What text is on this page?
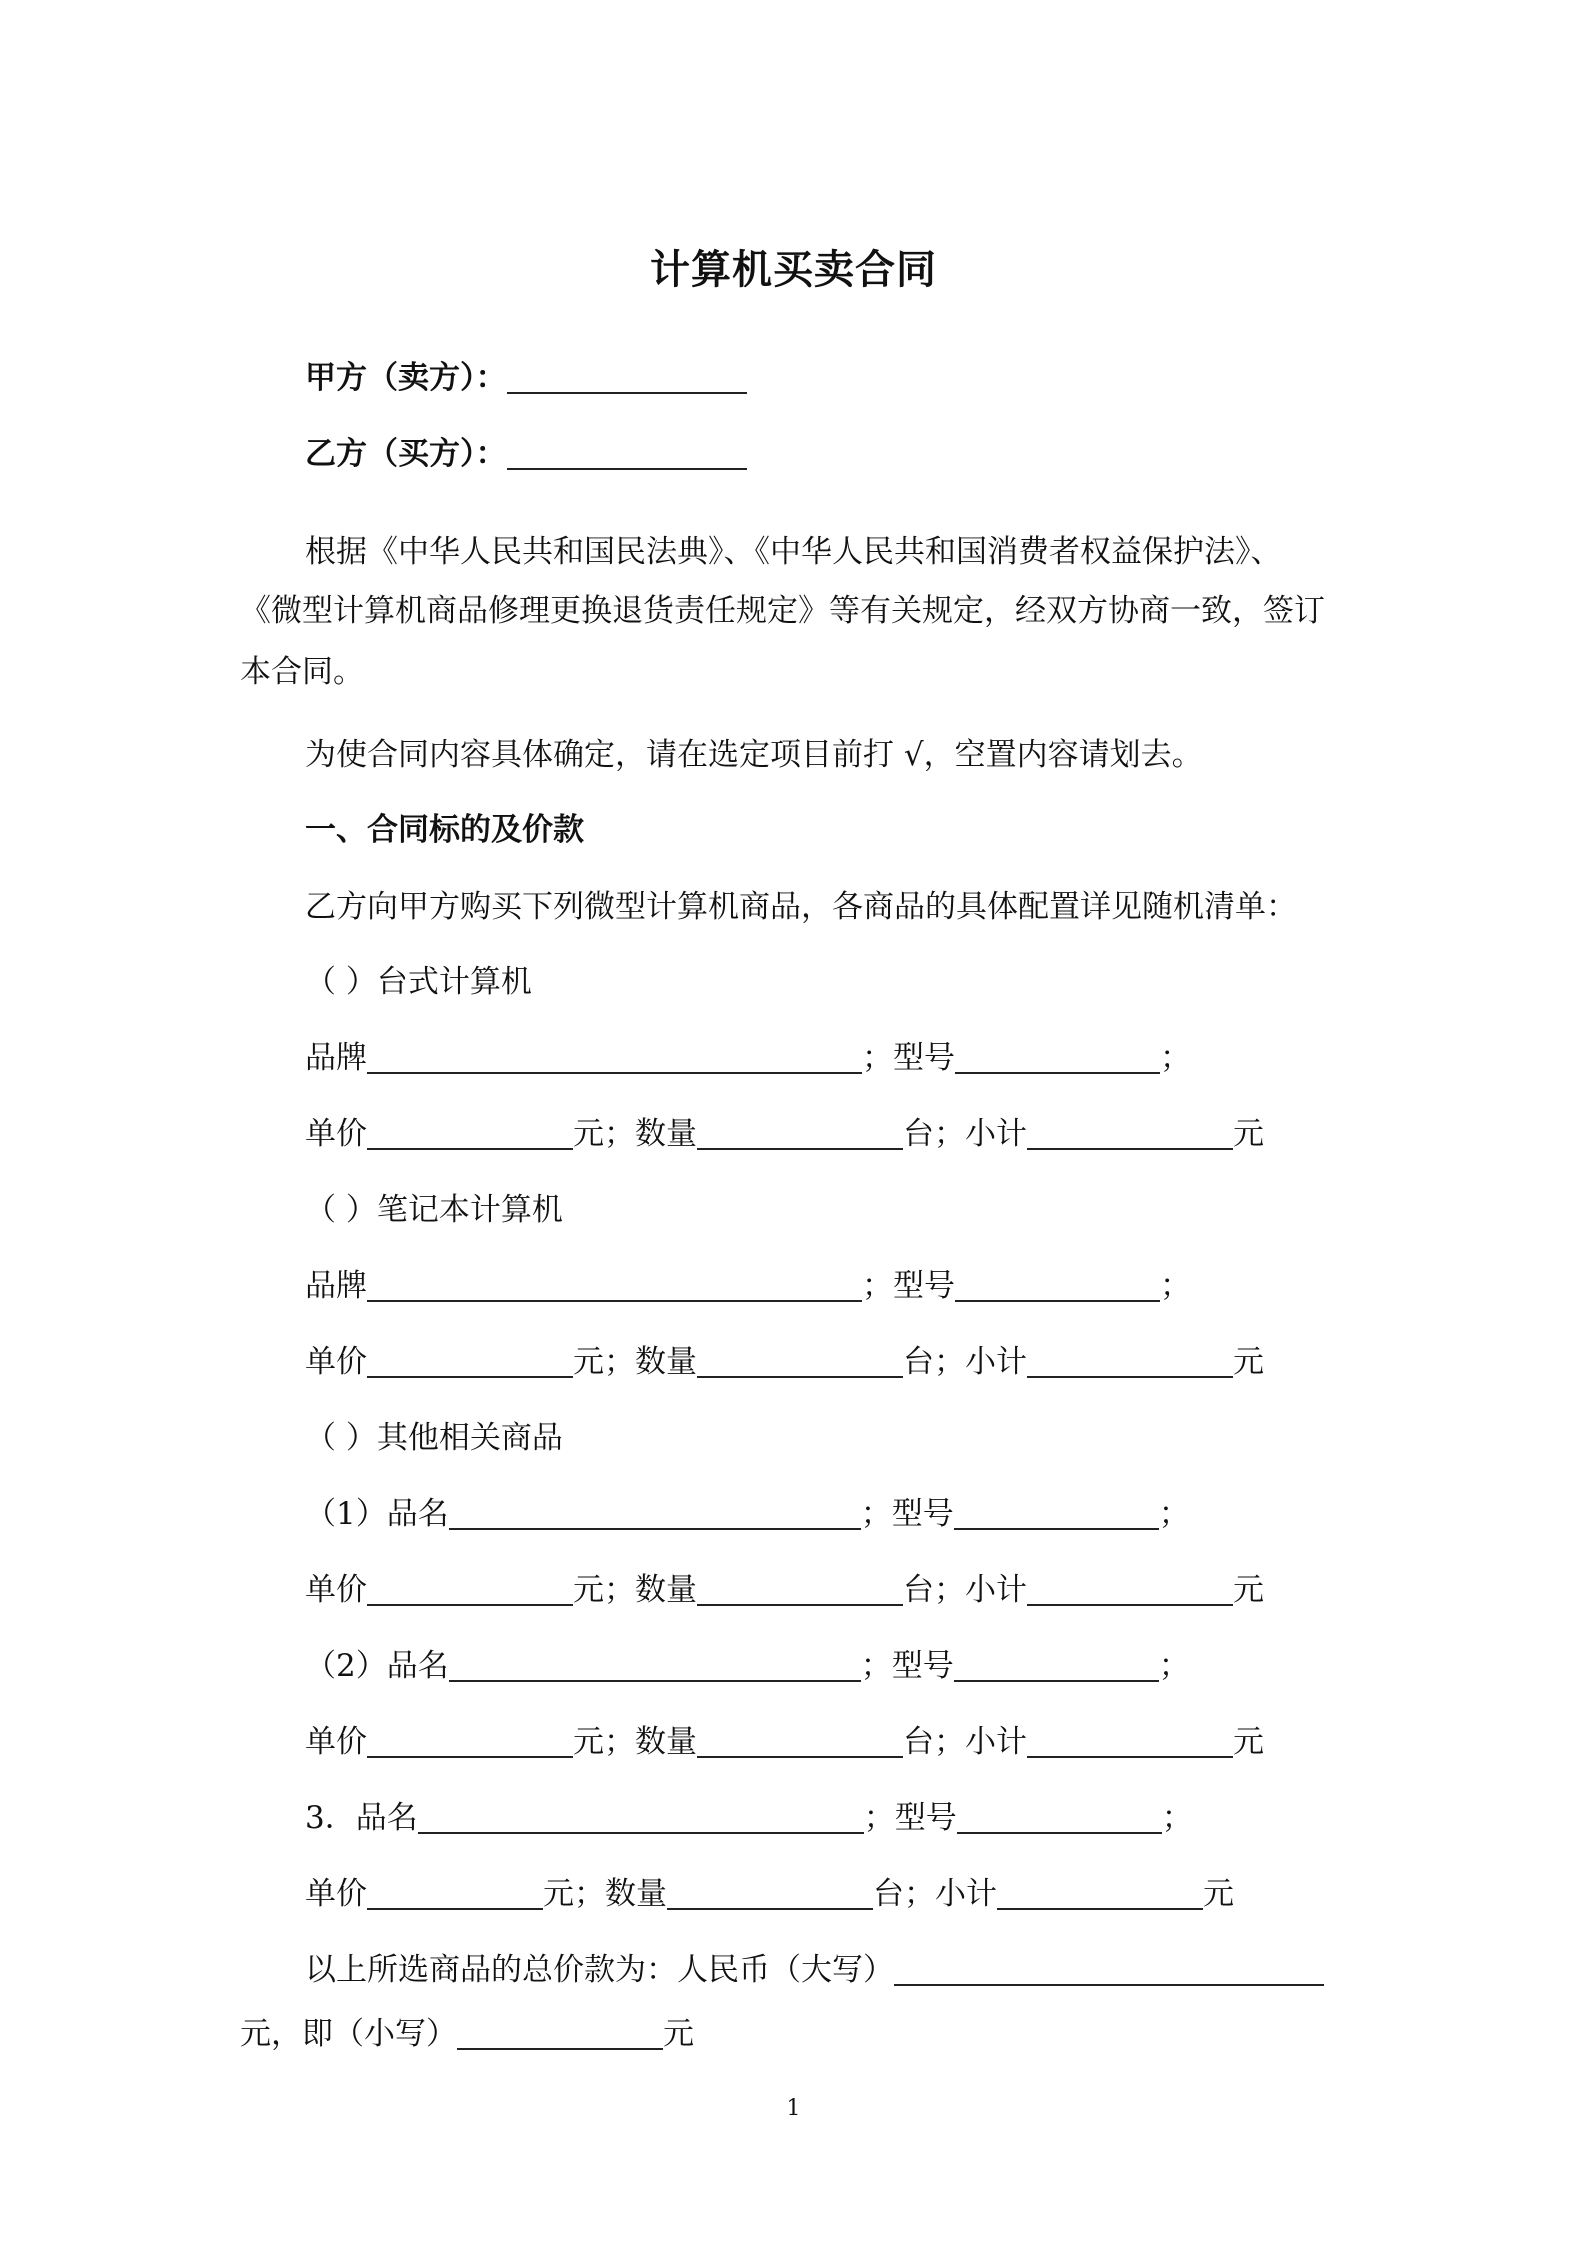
计算机买卖合同
甲方（卖方）：
乙方（买方）：
根据《中华人民共和国民法典》、《中华人民共和国消费者权益保护法》、
《微型计算机商品修理更换退货责任规定》等有关规定，经双方协商一致，签订
本合同。
为使合同内容具体确定，请在选定项目前打 √，空置内容请划去。
一、合同标的及价款
乙方向甲方购买下列微型计算机商品，各商品的具体配置详见随机清单：
（ ）台式计算机
品牌	；型号	；
单价	元；数量	台；小计	元
（ ）笔记本计算机
品牌	；型号	；
单价	元；数量	台；小计	元
（ ）其他相关商品
（1）品名	；型号	；
单价	元；数量	台；小计	元
（2）品名	；型号	；
单价	元；数量	台；小计	元
3．品名	；型号	；
单价	元；数量	台；小计	元
以上所选商品的总价款为：人民币（大写）
元，即（小写）	元
1
